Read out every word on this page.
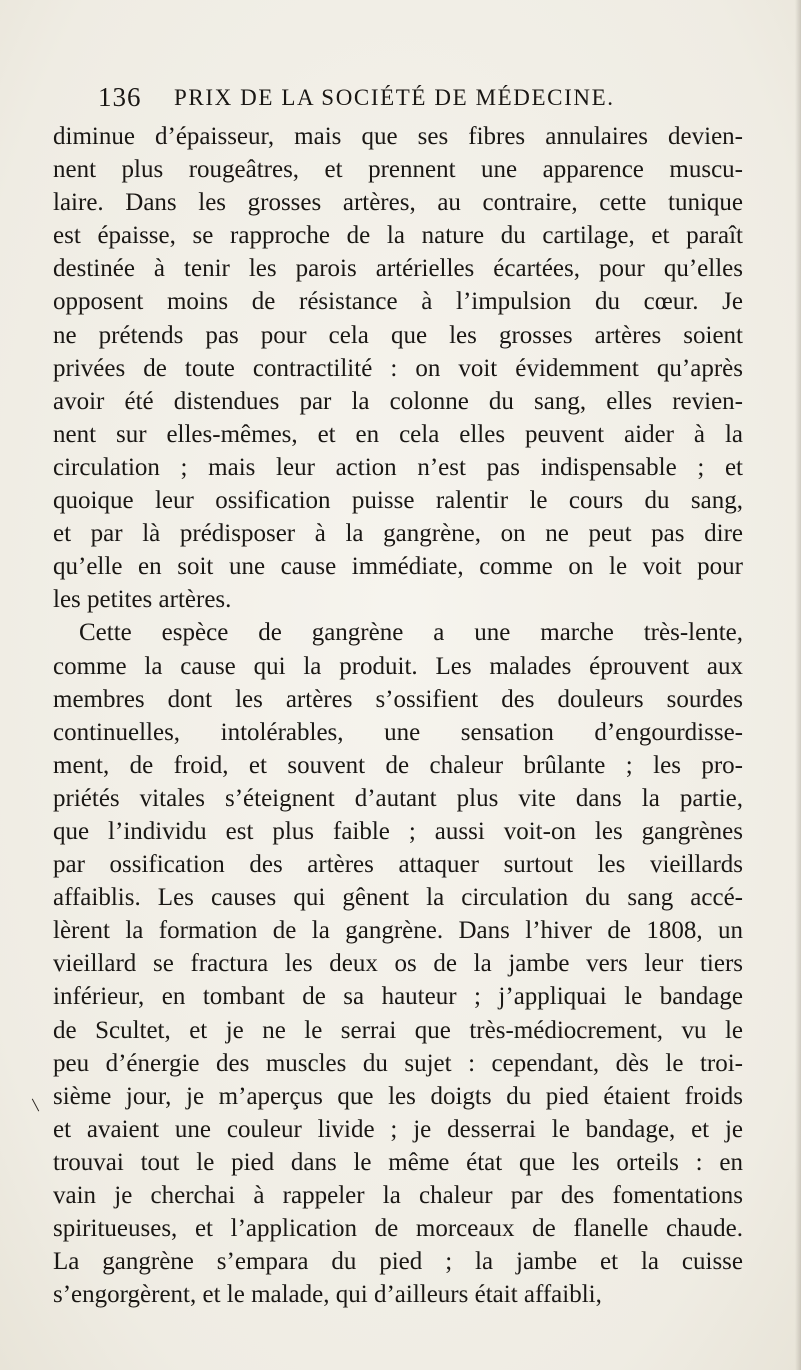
136 PRIX DE LA SOCIÉTÉ DE MÉDECINE.
diminue d’épaisseur, mais que ses fibres annulaires devien-
nent plus rougeâtres, et prennent une apparence muscu-
laire. Dans les grosses artères, au contraire, cette tunique
est épaisse, se rapproche de la nature du cartilage, et paraît
destinée à tenir les parois artérielles écartées, pour qu’elles
opposent moins de résistance à l’impulsion du cœur. Je
ne prétends pas pour cela que les grosses artères soient
privées de toute contractilité : on voit évidemment qu’après
avoir été distendues par la colonne du sang, elles revien-
nent sur elles-mêmes, et en cela elles peuvent aider à la
circulation ; mais leur action n’est pas indispensable ; et
quoique leur ossification puisse ralentir le cours du sang,
et par là prédisposer à la gangrène, on ne peut pas dire
qu’elle en soit une cause immédiate, comme on le voit pour
les petites artères.
Cette espèce de gangrène a une marche très-lente,
comme la cause qui la produit. Les malades éprouvent aux
membres dont les artères s’ossifient des douleurs sourdes
continuelles, intolérables, une sensation d’engourdisse-
ment, de froid, et souvent de chaleur brûlante ; les pro-
priétés vitales s’éteignent d’autant plus vite dans la partie,
que l’individu est plus faible ; aussi voit-on les gangrènes
par ossification des artères attaquer surtout les vieillards
affaiblis. Les causes qui gênent la circulation du sang accé-
lèrent la formation de la gangrène. Dans l’hiver de 1808, un
vieillard se fractura les deux os de la jambe vers leur tiers
inférieur, en tombant de sa hauteur ; j’appliquai le bandage
de Scultet, et je ne le serrai que très-médiocrement, vu le
peu d’énergie des muscles du sujet : cependant, dès le troi-
sième jour, je m’aperçus que les doigts du pied étaient froids
et avaient une couleur livide ; je desserrai le bandage, et je
trouvai tout le pied dans le même état que les orteils : en
vain je cherchai à rappeler la chaleur par des fomentations
spiritueuses, et l’application de morceaux de flanelle chaude.
La gangrène s’empara du pied ; la jambe et la cuisse
s’engorgèrent, et le malade, qui d’ailleurs était affaibli,
